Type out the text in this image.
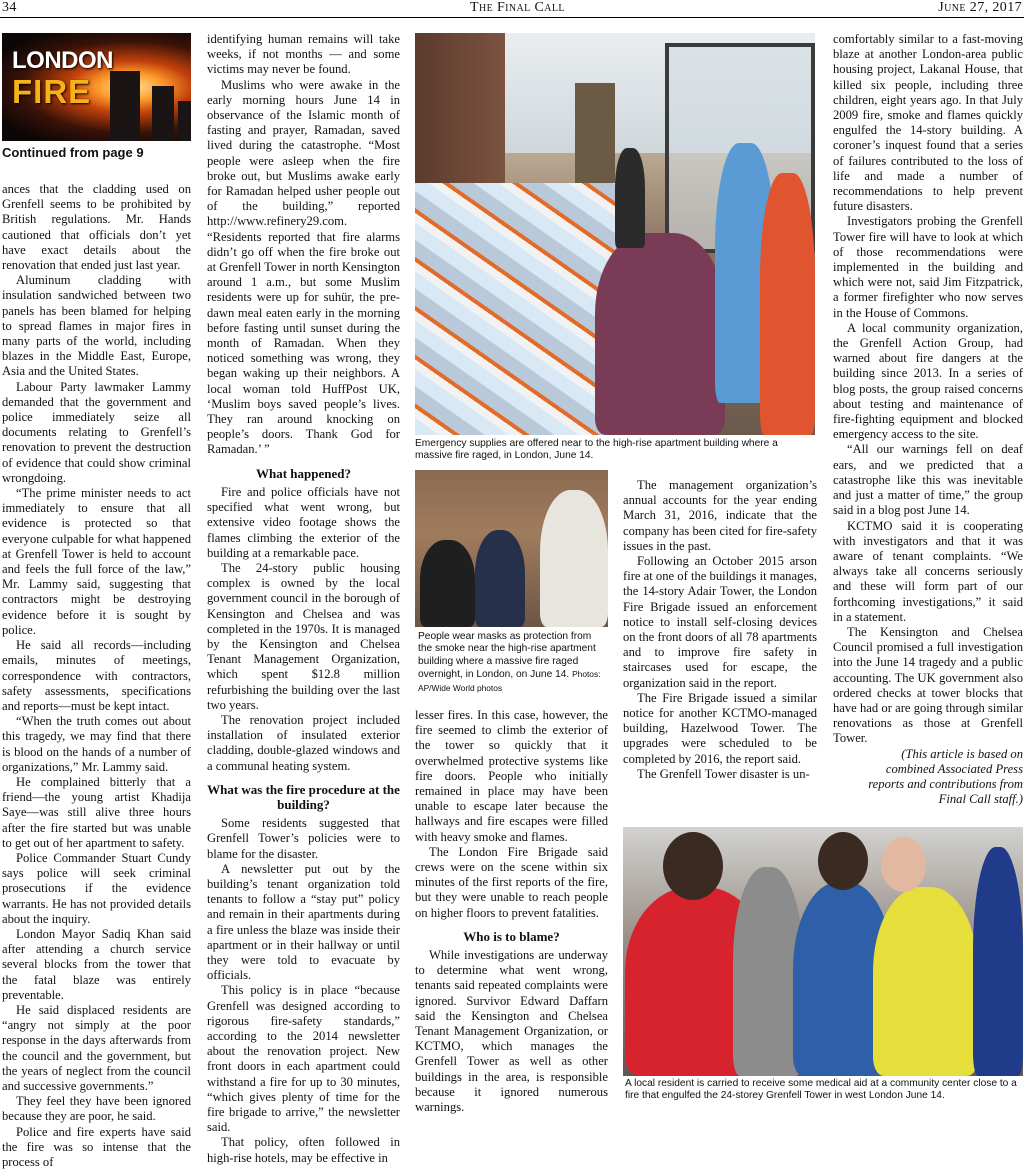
34	The Final Call	June 27, 2017
LONDON
FIRE
Continued from page 9

ances that the cladding used on Grenfell seems to be prohibited by British regulations. Mr. Hands cautioned that officials don’t yet have exact details about the renovation that ended just last year.

Aluminum cladding with insulation sandwiched between two panels has been blamed for helping to spread flames in major fires in many parts of the world, including blazes in the Middle East, Europe, Asia and the United States.

Labour Party lawmaker Lammy demanded that the government and police immediately seize all documents relating to Grenfell’s renovation to prevent the destruction of evidence that could show criminal wrongdoing.

“The prime minister needs to act immediately to ensure that all evidence is protected so that everyone culpable for what happened at Grenfell Tower is held to account and feels the full force of the law,” Mr. Lammy said, suggesting that contractors might be destroying evidence before it is sought by police.

He said all records—including emails, minutes of meetings, correspondence with contractors, safety assessments, specifications and reports—must be kept intact.

“When the truth comes out about this tragedy, we may find that there is blood on the hands of a number of organizations,” Mr. Lammy said.

He complained bitterly that a friend—the young artist Khadija Saye—was still alive three hours after the fire started but was unable to get out of her apartment to safety.

Police Commander Stuart Cundy says police will seek criminal prosecutions if the evidence warrants. He has not provided details about the inquiry.

London Mayor Sadiq Khan said after attending a church service several blocks from the tower that the fatal blaze was entirely preventable.

He said displaced residents are “angry not simply at the poor response in the days afterwards from the council and the government, but the years of neglect from the council and successive governments.”

They feel they have been ignored because they are poor, he said.

Police and fire experts have said the fire was so intense that the process of

identifying human remains will take weeks, if not months — and some victims may never be found.

Muslims who were awake in the early morning hours June 14 in observance of the Islamic month of fasting and prayer, Ramadan, saved lived during the catastrophe. “Most people were asleep when the fire broke out, but Muslims awake early for Ramadan helped usher people out of the building,” reported http://www.refinery29.com. “Residents reported that fire alarms didn’t go off when the fire broke out at Grenfell Tower in north Kensington around 1 a.m., but some Muslim residents were up for suhür, the pre-dawn meal eaten early in the morning before fasting until sunset during the month of Ramadan. When they noticed something was wrong, they began waking up their neighbors. A local woman told HuffPost UK, ‘Muslim boys saved people’s lives. They ran around knocking on people’s doors. Thank God for Ramadan.’ ”

What happened?

Fire and police officials have not specified what went wrong, but extensive video footage shows the flames climbing the exterior of the building at a remarkable pace.

The 24-story public housing complex is owned by the local government council in the borough of Kensington and Chelsea and was completed in the 1970s. It is managed by the Kensington and Chelsea Tenant Management Organization, which spent $12.8 million refurbishing the building over the last two years.

The renovation project included installation of insulated exterior cladding, double-glazed windows and a communal heating system.

What was the fire procedure at the building?

Some residents suggested that Grenfell Tower’s policies were to blame for the disaster.

A newsletter put out by the building’s tenant organization told tenants to follow a “stay put” policy and remain in their apartments during a fire unless the blaze was inside their apartment or in their hallway or until they were told to evacuate by officials.

This policy is in place “because Grenfell was designed according to rigorous fire-safety standards,” according to the 2014 newsletter about the renovation project. New front doors in each apartment could withstand a fire for up to 30 minutes, “which gives plenty of time for the fire brigade to arrive,” the newsletter said.

That policy, often followed in high-rise hotels, may be effective in

Emergency supplies are offered near to the high-rise apartment building where a massive fire raged, in London, June 14.
People wear masks as protection from the smoke near the high-rise apartment building where a massive fire raged overnight, in London, on June 14. Photos: AP/Wide World photos

lesser fires. In this case, however, the fire seemed to climb the exterior of the tower so quickly that it overwhelmed protective systems like fire doors. People who initially remained in place may have been unable to escape later because the hallways and fire escapes were filled with heavy smoke and flames.

The London Fire Brigade said crews were on the scene within six minutes of the first reports of the fire, but they were unable to reach people on higher floors to prevent fatalities.

Who is to blame?

While investigations are underway to determine what went wrong, tenants said repeated complaints were ignored. Survivor Edward Daffarn said the Kensington and Chelsea Tenant Management Organization, or KCTMO, which manages the Grenfell Tower as well as other buildings in the area, is responsible because it ignored numerous warnings.

The management organization’s annual accounts for the year ending March 31, 2016, indicate that the company has been cited for fire-safety issues in the past.

Following an October 2015 arson fire at one of the buildings it manages, the 14-story Adair Tower, the London Fire Brigade issued an enforcement notice to install self-closing devices on the front doors of all 78 apartments and to improve fire safety in staircases used for escape, the organization said in the report.

The Fire Brigade issued a similar notice for another KCTMO-managed building, Hazelwood Tower. The upgrades were scheduled to be completed by 2016, the report said.

The Grenfell Tower disaster is un-

comfortably similar to a fast-moving blaze at another London-area public housing project, Lakanal House, that killed six people, including three children, eight years ago. In that July 2009 fire, smoke and flames quickly engulfed the 14-story building. A coroner’s inquest found that a series of failures contributed to the loss of life and made a number of recommendations to help prevent future disasters.

Investigators probing the Grenfell Tower fire will have to look at which of those recommendations were implemented in the building and which were not, said Jim Fitzpatrick, a former firefighter who now serves in the House of Commons.

A local community organization, the Grenfell Action Group, had warned about fire dangers at the building since 2013. In a series of blog posts, the group raised concerns about testing and maintenance of fire-fighting equipment and blocked emergency access to the site.

“All our warnings fell on deaf ears, and we predicted that a catastrophe like this was inevitable and just a matter of time,” the group said in a blog post June 14.

KCTMO said it is cooperating with investigators and that it was aware of tenant complaints. “We always take all concerns seriously and these will form part of our forthcoming investigations,” it said in a statement.

The Kensington and Chelsea Council promised a full investigation into the June 14 tragedy and a public accounting. The UK government also ordered checks at tower blocks that have had or are going through similar renovations as those at Grenfell Tower.

(This article is based on combined Associated Press reports and contributions from Final Call staff.)

A local resident is carried to receive some medical aid at a community center close to a fire that engulfed the 24-storey Grenfell Tower in west London June 14.
